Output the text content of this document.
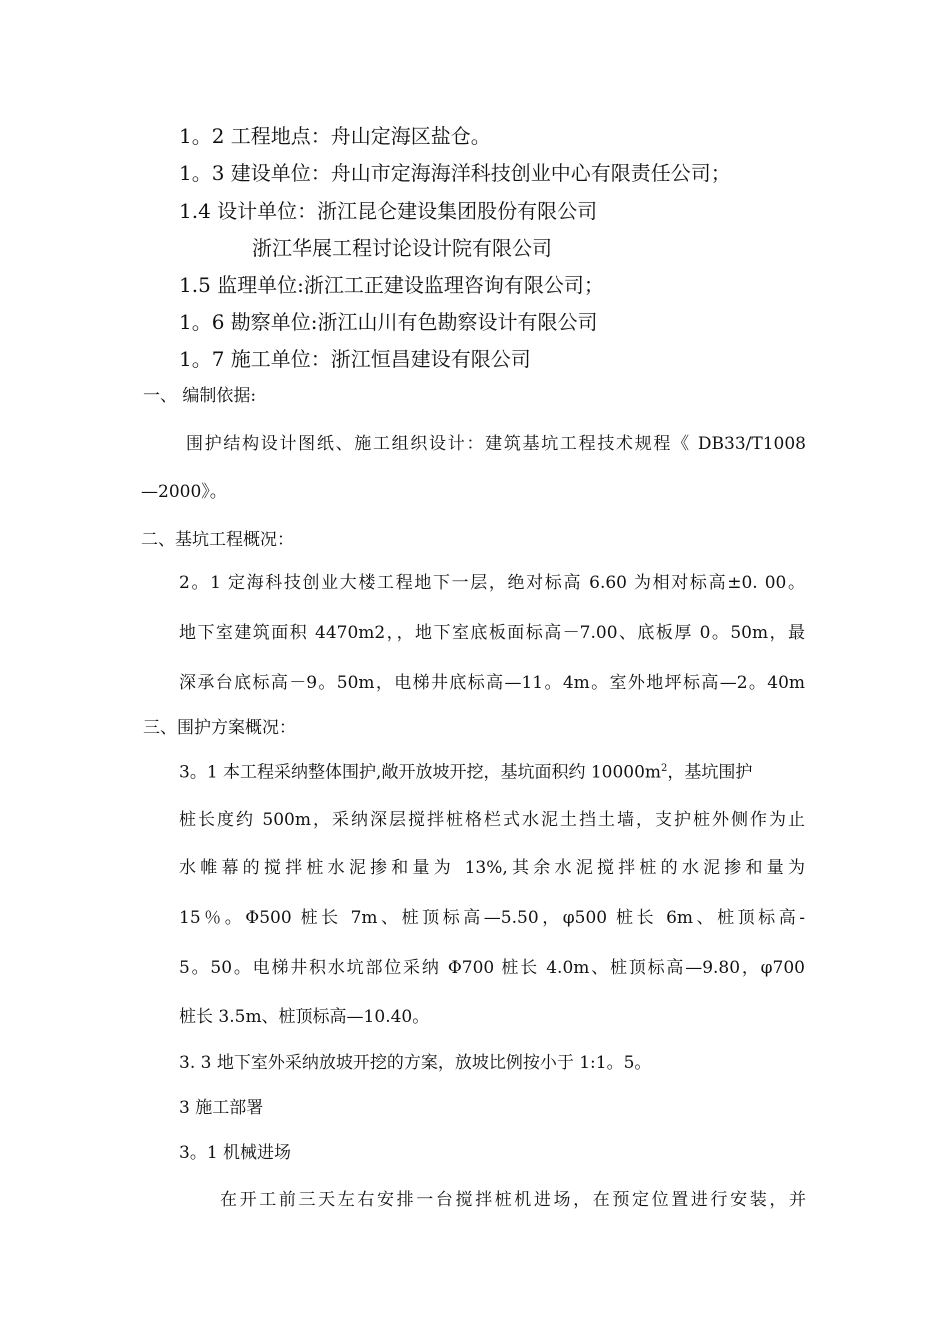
1。2 工程地点：舟山定海区盐仓。
1。3 建设单位：舟山市定海海洋科技创业中心有限责任公司；
1.4 设计单位：浙江昆仑建设集团股份有限公司
浙江华展工程讨论设计院有限公司
1.5 监理单位:浙江工正建设监理咨询有限公司；
1。6 勘察单位:浙江山川有色勘察设计有限公司
1。7 施工单位：浙江恒昌建设有限公司
一、 编制依据:
围护结构设计图纸、施工组织设计：建筑基坑工程技术规程《 DB33/T1008
—2000》。
二、基坑工程概况：
2。1 定海科技创业大楼工程地下一层，绝对标高 6.60 为相对标高±0. 00。
地下室建筑面积 4470m2，，地下室底板面标高－7.00、底板厚 0。50m，最
深承台底标高－9。50m，电梯井底标高—11。4m。室外地坪标高—2。40m
三、围护方案概况：
3。1 本工程采纳整体围护,敞开放坡开挖，基坑面积约 $10000m^2$，基坑围护
桩长度约 500m，采纳深层搅拌桩格栏式水泥土挡土墙，支护桩外侧作为止
水帷幕的搅拌桩水泥掺和量为 13%,其余水泥搅拌桩的水泥掺和量为
15％。Φ500 桩长 7m、桩顶标高—5.50，φ500 桩长 6m、桩顶标高-
5。50。电梯井积水坑部位采纳 Φ700 桩长 4.0m、桩顶标高—9.80，φ700
桩长 3.5m、桩顶标高—10.40。
3. 3 地下室外采纳放坡开挖的方案，放坡比例按小于 1:1。5。
3 施工部署
3。1 机械进场
在开工前三天左右安排一台搅拌桩机进场，在预定位置进行安装，并
